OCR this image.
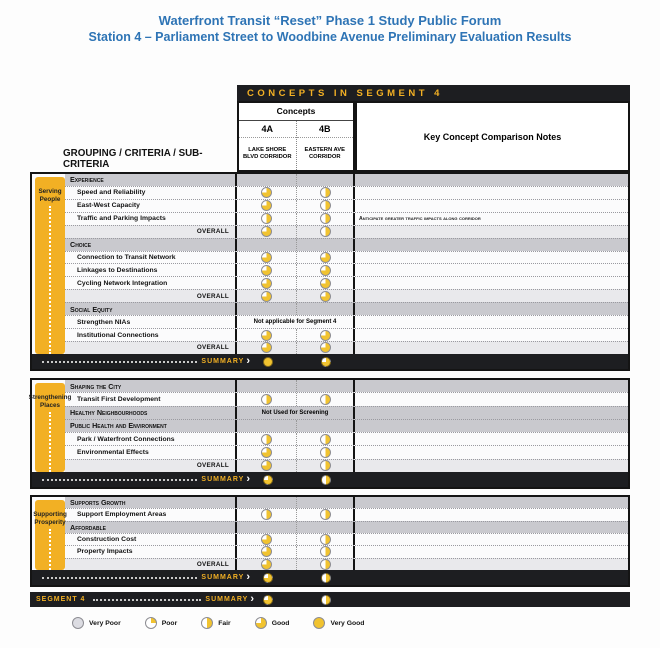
Waterfront Transit “Reset” Phase 1 Study Public Forum
Station 4 – Parliament Street to Woodbine Avenue Preliminary Evaluation Results
CONCEPTS IN SEGMENT 4
Concepts
4A
LAKE SHORE BLVD CORRIDOR
4B
EASTERN AVE CORRIDOR
Key Concept Comparison Notes
GROUPING / CRITERIA / SUB-CRITERIA
Serving People
Experience
Speed and Reliability
East-West Capacity
Traffic and Parking Impacts	Anticipate greater traffic impacts along corridor
OVERALL
Choice
Connection to Transit Network
Linkages to Destinations
Cycling Network Integration
OVERALL
Social Equity
Strengthen NIAs	Not applicable for Segment 4
Institutional Connections
OVERALL
SUMMARY ›
Strengthening Places
Shaping the City
Transit First Development
Healthy Neighbourhoods	Not Used for Screening
Public Health and Environment
Park / Waterfront Connections
Environmental Effects
OVERALL
SUMMARY ›
Supporting Prosperity
Supports Growth
Support Employment Areas
Affordable
Construction Cost
Property Impacts
OVERALL
SUMMARY ›
SEGMENT 4	SUMMARY ›
Very Poor	Poor	Fair	Good	Very Good
